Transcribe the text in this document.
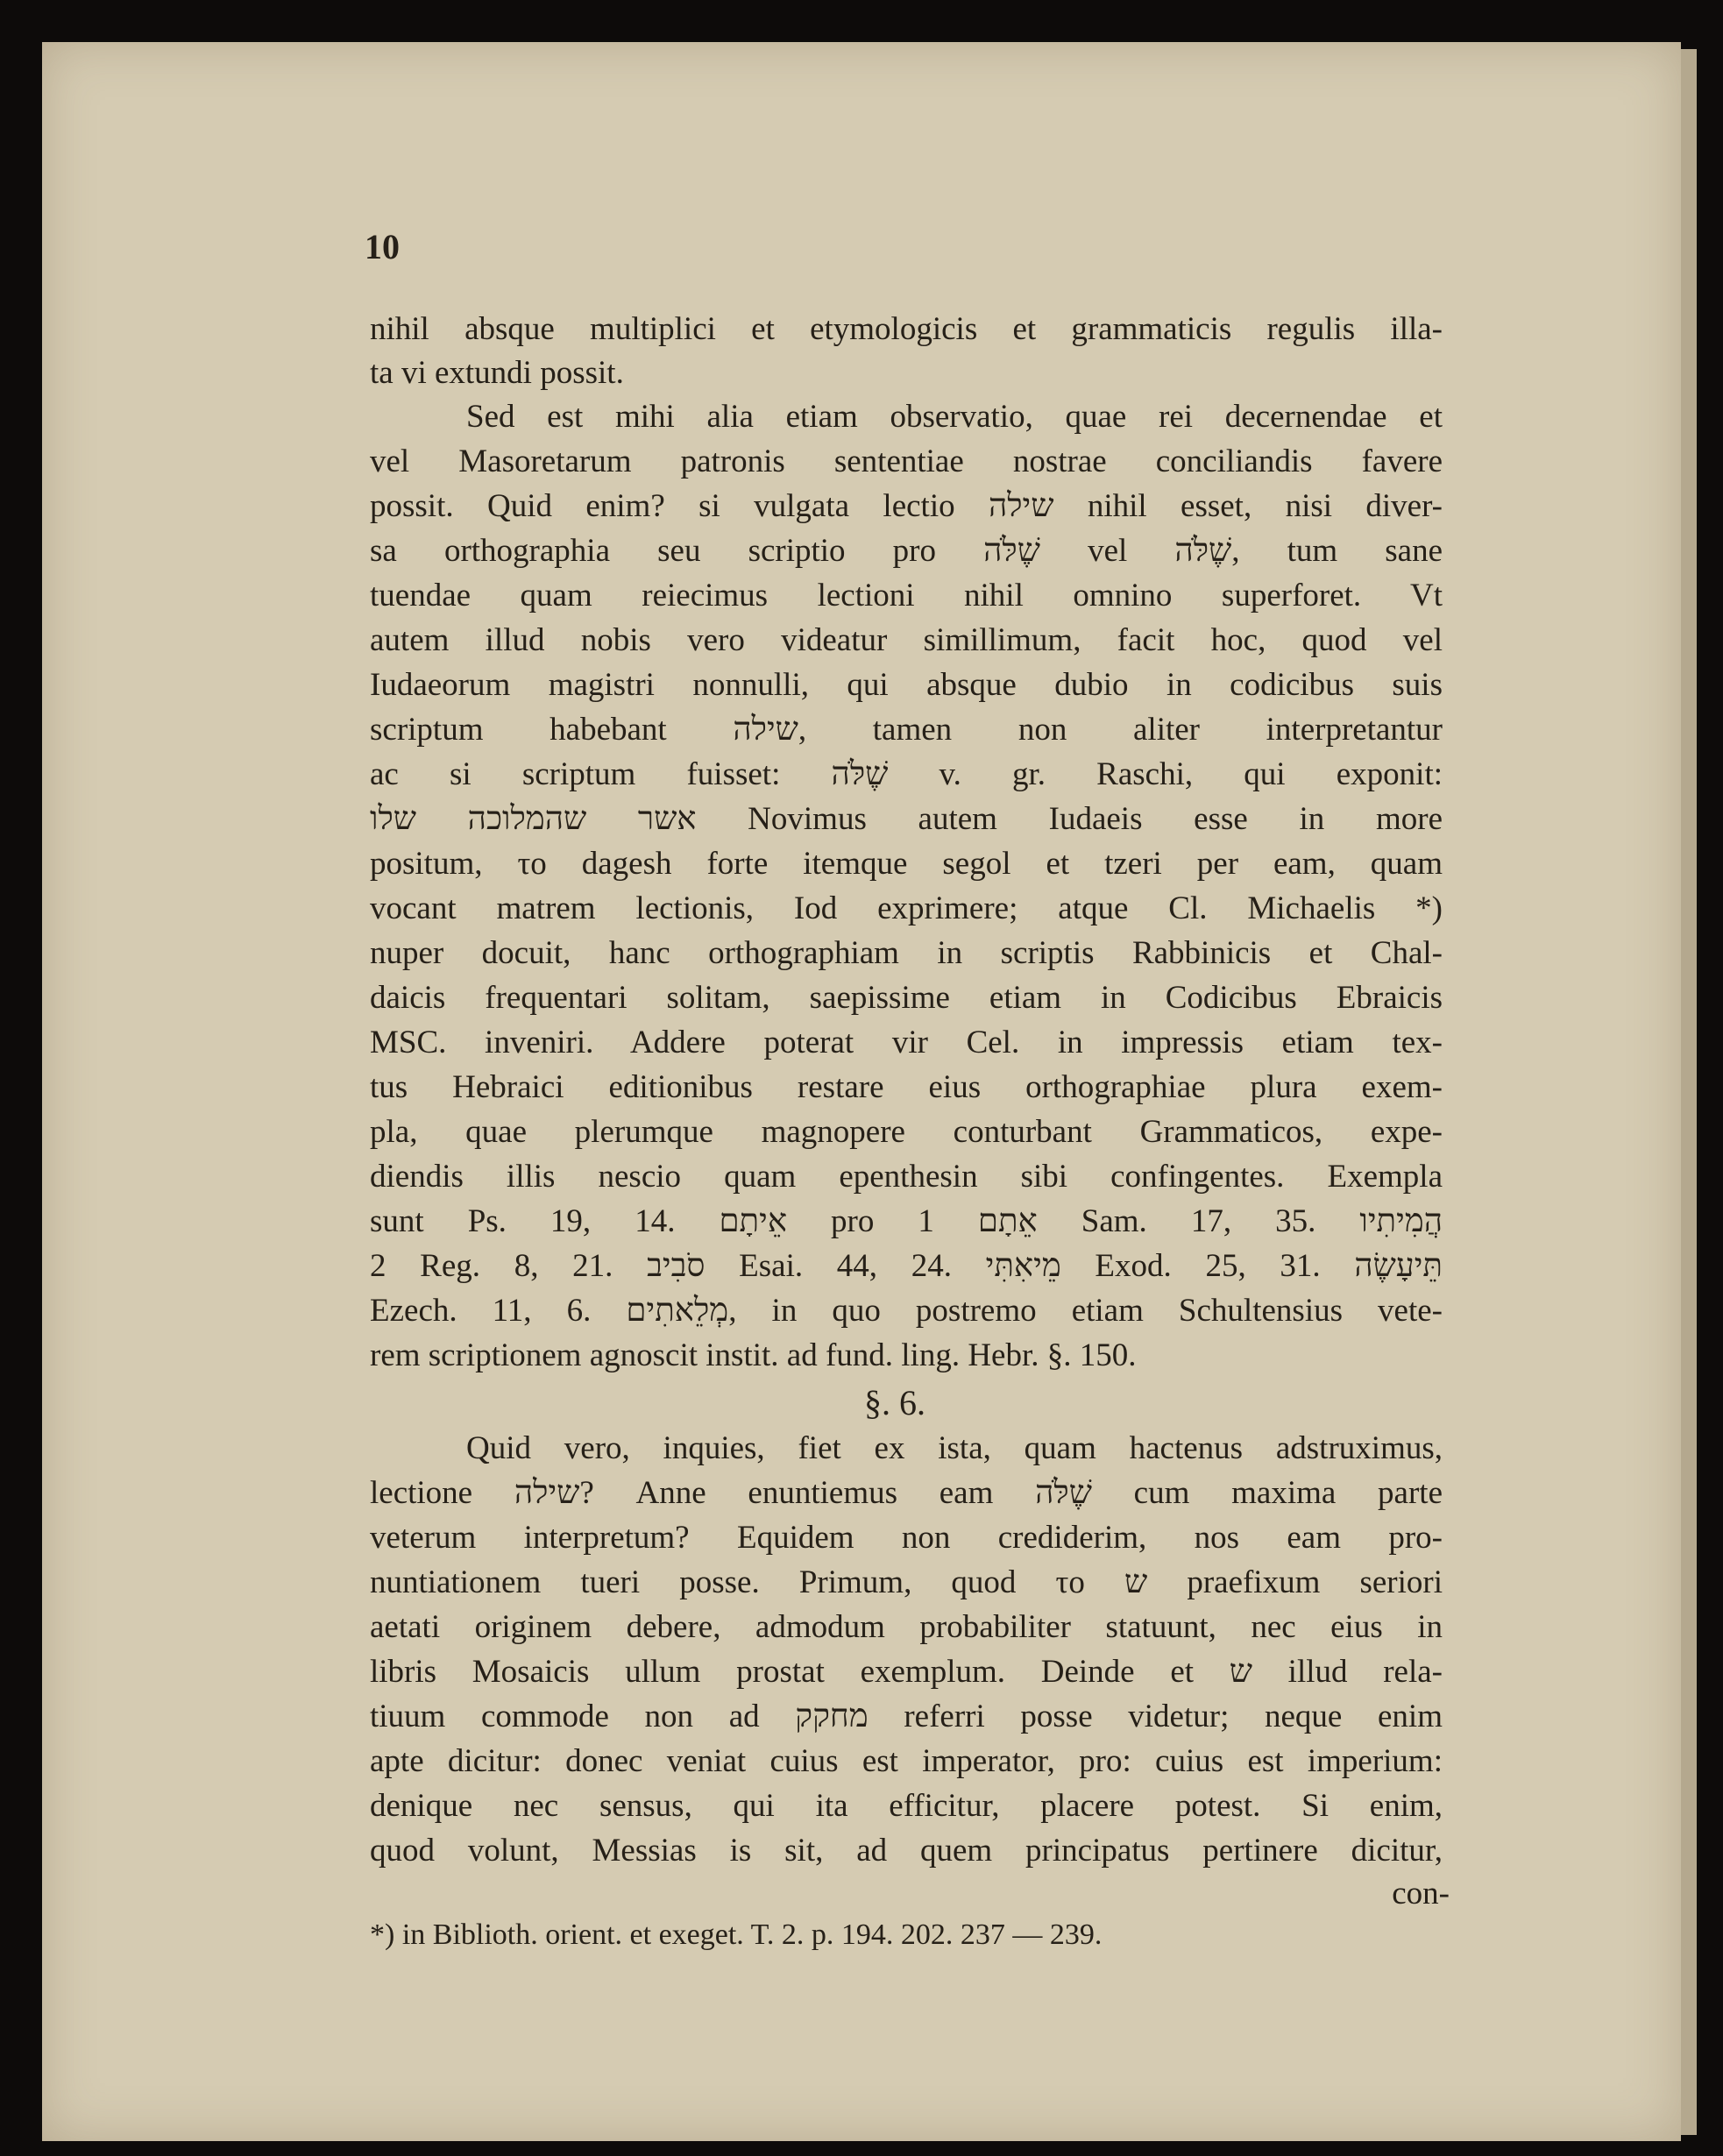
10
nihil absque multiplici et etymologicis et grammaticis regulis illa-
ta vi extundi possit.
Sed est mihi alia etiam observatio, quae rei decernendae et
vel Masoretarum patronis sententiae nostrae conciliandis favere
possit. Quid enim? si vulgata lectio שילה nihil esset, nisi diver-
sa orthographia seu scriptio pro שֶׁלֹּה vel שֶׁלֹּה, tum sane
tuendae quam reiecimus lectioni nihil omnino superforet. Vt
autem illud nobis vero videatur simillimum, facit hoc, quod vel
Iudaeorum magistri nonnulli, qui absque dubio in codicibus suis
scriptum habebant שילה, tamen non aliter interpretantur
ac si scriptum fuisset: שֶׁלֹּה v. gr. Raschi, qui exponit:
אשר שהמלוכה שלו Novimus autem Iudaeis esse in more
positum, το dagesh forte itemque segol et tzeri per eam, quam
vocant matrem lectionis, Iod exprimere; atque Cl. Michaelis *)
nuper docuit, hanc orthographiam in scriptis Rabbinicis et Chal-
daicis frequentari solitam, saepissime etiam in Codicibus Ebraicis
MSC. inveniri. Addere poterat vir Cel. in impressis etiam tex-
tus Hebraici editionibus restare eius orthographiae plura exem-
pla, quae plerumque magnopere conturbant Grammaticos, expe-
diendis illis nescio quam epenthesin sibi confingentes. Exempla
sunt Ps. 19, 14. אֵיתָם pro אֵתָם 1 Sam. 17, 35. הֲמִיתִיו
2 Reg. 8, 21. סֹבִיב Esai. 44, 24. מֵיאִתִּי Exod. 25, 31. תֵּיעָשֶׂה
Ezech. 11, 6. מְלֵאתִים, in quo postremo etiam Schultensius vete-
rem scriptionem agnoscit instit. ad fund. ling. Hebr. §. 150.
§. 6.
Quid vero, inquies, fiet ex ista, quam hactenus adstruximus,
lectione שילה? Anne enuntiemus eam שֶׁלֹּה cum maxima parte
veterum interpretum? Equidem non crediderim, nos eam pro-
nuntiationem tueri posse. Primum, quod το ש praefixum seriori
aetati originem debere, admodum probabiliter statuunt, nec eius in
libris Mosaicis ullum prostat exemplum. Deinde et ש illud rela-
tiuum commode non ad מחקק referri posse videtur; neque enim
apte dicitur: donec veniat cuius est imperator, pro: cuius est imperium:
denique nec sensus, qui ita efficitur, placere potest. Si enim,
quod volunt, Messias is sit, ad quem principatus pertinere dicitur,
con-
*) in Biblioth. orient. et exeget. T. 2. p. 194. 202. 237 — 239.
